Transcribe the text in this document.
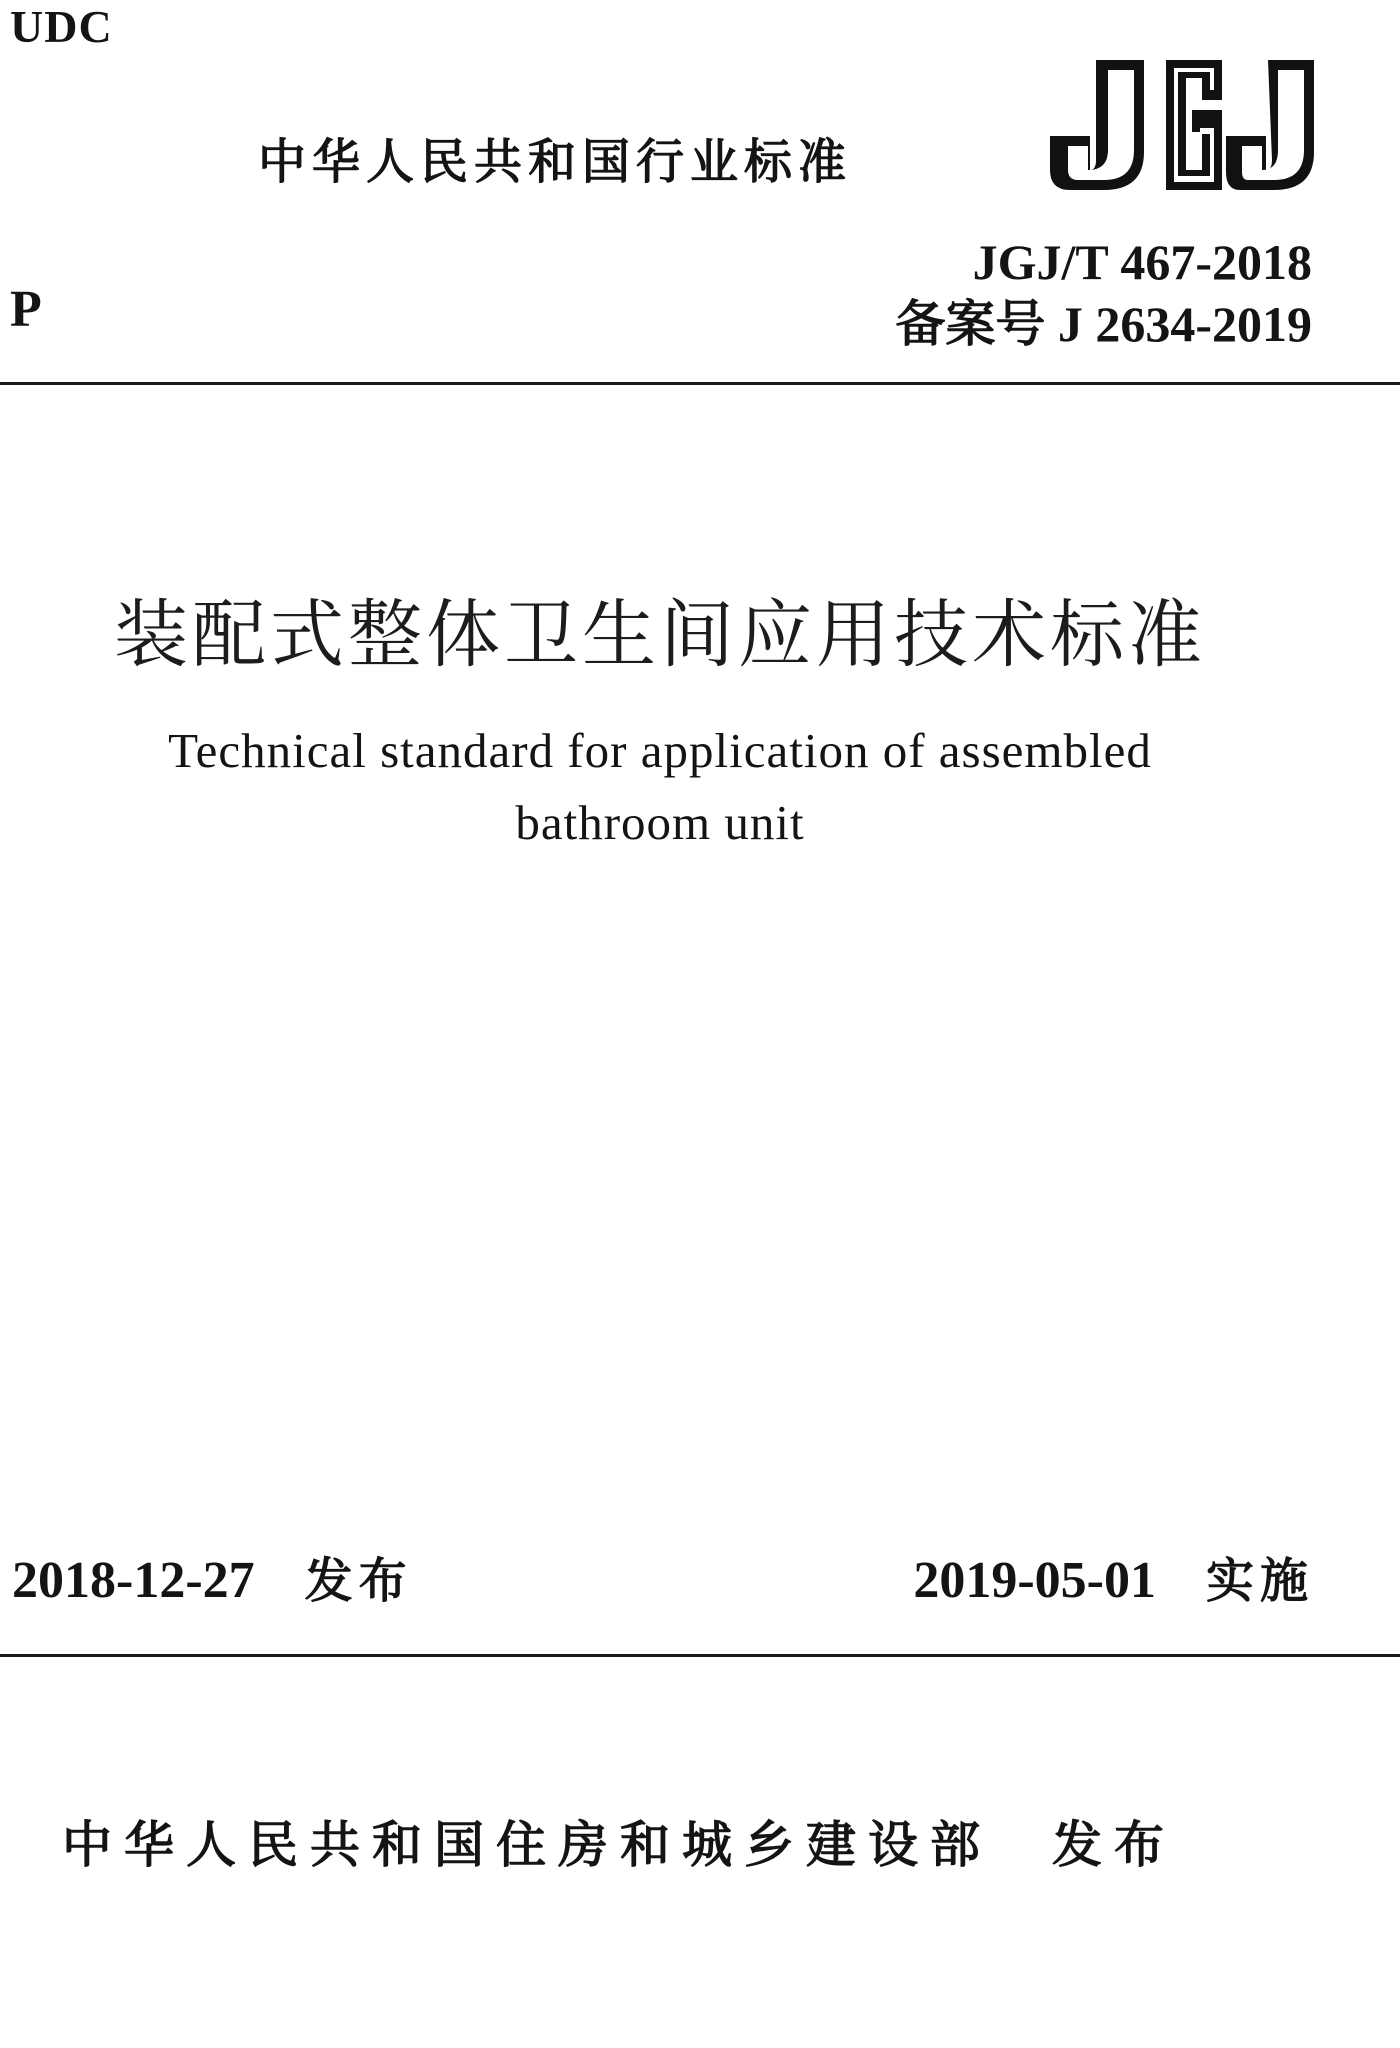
UDC
中华人民共和国行业标准
P
JGJ/T 467-2018
备案号 J 2634-2019
装配式整体卫生间应用技术标准
Technical standard for application of assembled
bathroom unit
2018-12-27 发布	2019-05-01 实施
中华人民共和国住房和城乡建设部 发布
